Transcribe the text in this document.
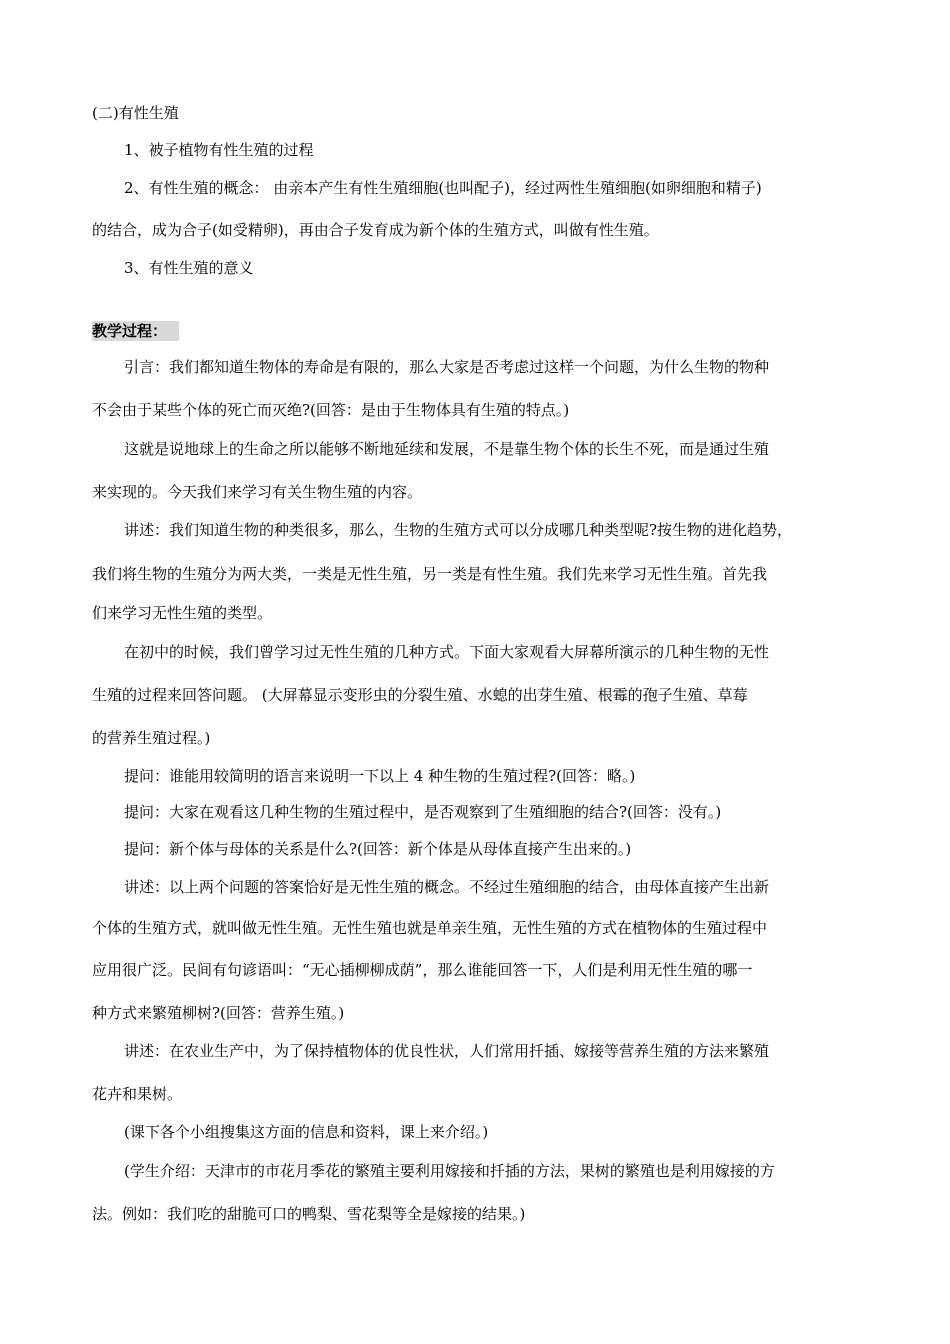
(二)有性生殖
1、被子植物有性生殖的过程
2、有性生殖的概念： 由亲本产生有性生殖细胞(也叫配子)，经过两性生殖细胞(如卵细胞和精子)
的结合，成为合子(如受精卵)，再由合子发育成为新个体的生殖方式，叫做有性生殖。
3、有性生殖的意义
教学过程：
引言：我们都知道生物体的寿命是有限的，那么大家是否考虑过这样一个问题，为什么生物的物种
不会由于某些个体的死亡而灭绝?(回答：是由于生物体具有生殖的特点。)
这就是说地球上的生命之所以能够不断地延续和发展，不是靠生物个体的长生不死，而是通过生殖
来实现的。今天我们来学习有关生物生殖的内容。
讲述：我们知道生物的种类很多，那么，生物的生殖方式可以分成哪几种类型呢?按生物的进化趋势，
我们将生物的生殖分为两大类，一类是无性生殖，另一类是有性生殖。我们先来学习无性生殖。首先我
们来学习无性生殖的类型。
在初中的时候，我们曾学习过无性生殖的几种方式。下面大家观看大屏幕所演示的几种生物的无性
生殖的过程来回答问题。 (大屏幕显示变形虫的分裂生殖、水螅的出芽生殖、根霉的孢子生殖、草莓
的营养生殖过程。)
提问：谁能用较简明的语言来说明一下以上 4 种生物的生殖过程?(回答：略。)
提问：大家在观看这几种生物的生殖过程中，是否观察到了生殖细胞的结合?(回答：没有。)
提问：新个体与母体的关系是什么?(回答：新个体是从母体直接产生出来的。)
讲述：以上两个问题的答案恰好是无性生殖的概念。不经过生殖细胞的结合，由母体直接产生出新
个体的生殖方式，就叫做无性生殖。无性生殖也就是单亲生殖，无性生殖的方式在植物体的生殖过程中
应用很广泛。民间有句谚语叫：“无心插柳柳成荫”，那么谁能回答一下，人们是利用无性生殖的哪一
种方式来繁殖柳树?(回答：营养生殖。)
讲述：在农业生产中，为了保持植物体的优良性状，人们常用扦插、嫁接等营养生殖的方法来繁殖
花卉和果树。
(课下各个小组搜集这方面的信息和资料，课上来介绍。)
(学生介绍：天津市的市花月季花的繁殖主要利用嫁接和扦插的方法，果树的繁殖也是利用嫁接的方
法。例如：我们吃的甜脆可口的鸭梨、雪花梨等全是嫁接的结果。)
